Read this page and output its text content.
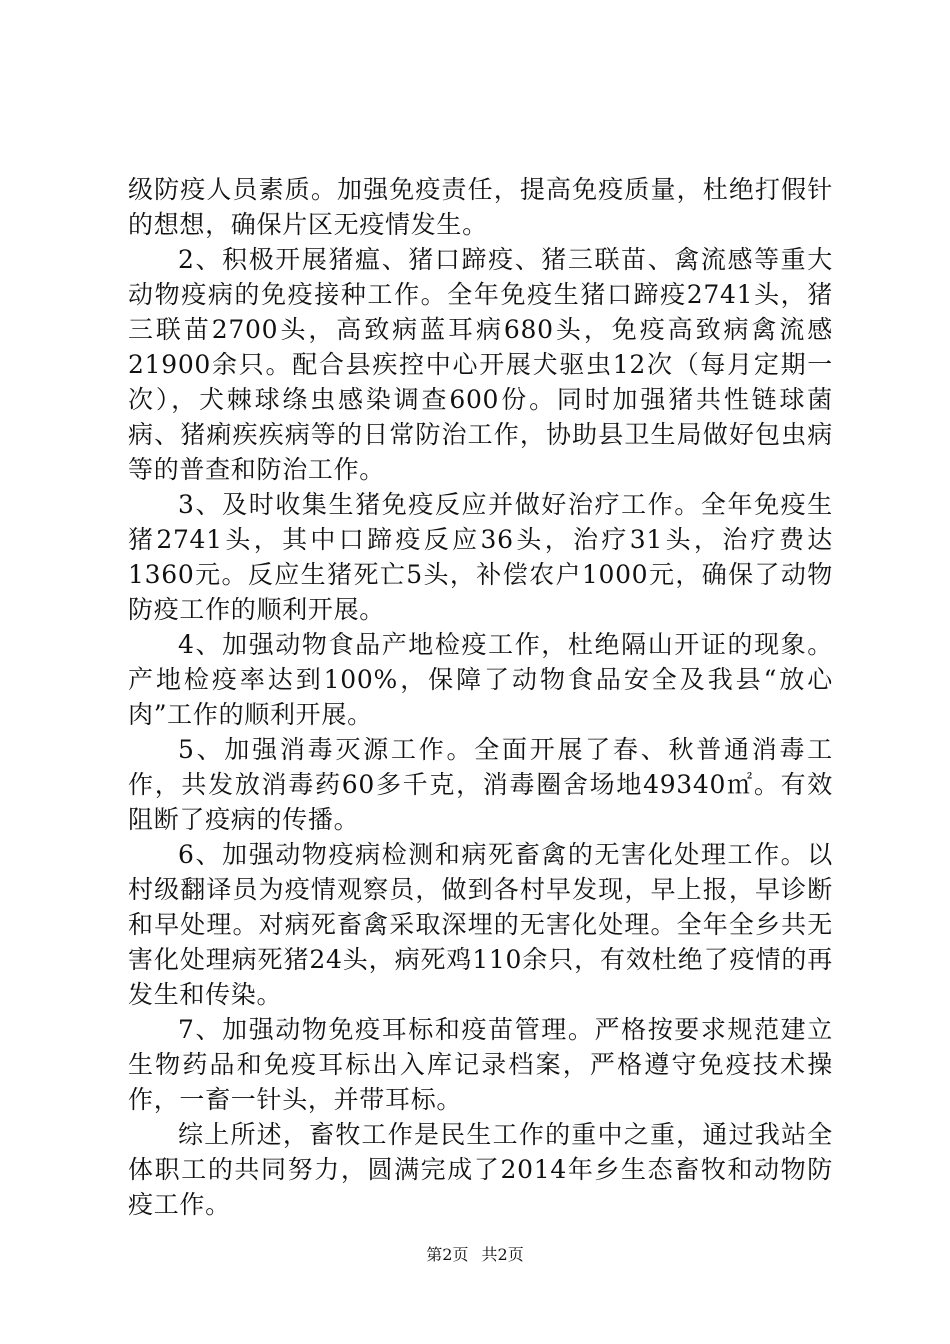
级防疫人员素质。加强免疫责任，提高免疫质量，杜绝打假针的想想，确保片区无疫情发生。

2、积极开展猪瘟、猪口蹄疫、猪三联苗、禽流感等重大动物疫病的免疫接种工作。全年免疫生猪口蹄疫2741头，猪三联苗2700头，高致病蓝耳病680头，免疫高致病禽流感21900余只。配合县疾控中心开展犬驱虫12次（每月定期一次），犬棘球绦虫感染调查600份。同时加强猪共性链球菌病、猪痢疾疾病等的日常防治工作，协助县卫生局做好包虫病等的普查和防治工作。

3、及时收集生猪免疫反应并做好治疗工作。全年免疫生猪2741头，其中口蹄疫反应36头，治疗31头，治疗费达1360元。反应生猪死亡5头，补偿农户1000元，确保了动物防疫工作的顺利开展。

4、加强动物食品产地检疫工作，杜绝隔山开证的现象。产地检疫率达到100%，保障了动物食品安全及我县“放心肉”工作的顺利开展。

5、加强消毒灭源工作。全面开展了春、秋普通消毒工作，共发放消毒药60多千克，消毒圈舍场地49340㎡。有效阻断了疫病的传播。

6、加强动物疫病检测和病死畜禽的无害化处理工作。以村级翻译员为疫情观察员，做到各村早发现，早上报，早诊断和早处理。对病死畜禽采取深埋的无害化处理。全年全乡共无害化处理病死猪24头，病死鸡110余只，有效杜绝了疫情的再发生和传染。

7、加强动物免疫耳标和疫苗管理。严格按要求规范建立生物药品和免疫耳标出入库记录档案，严格遵守免疫技术操作，一畜一针头，并带耳标。

综上所述，畜牧工作是民生工作的重中之重，通过我站全体职工的共同努力，圆满完成了2014年乡生态畜牧和动物防疫工作。

第2页 共2页
